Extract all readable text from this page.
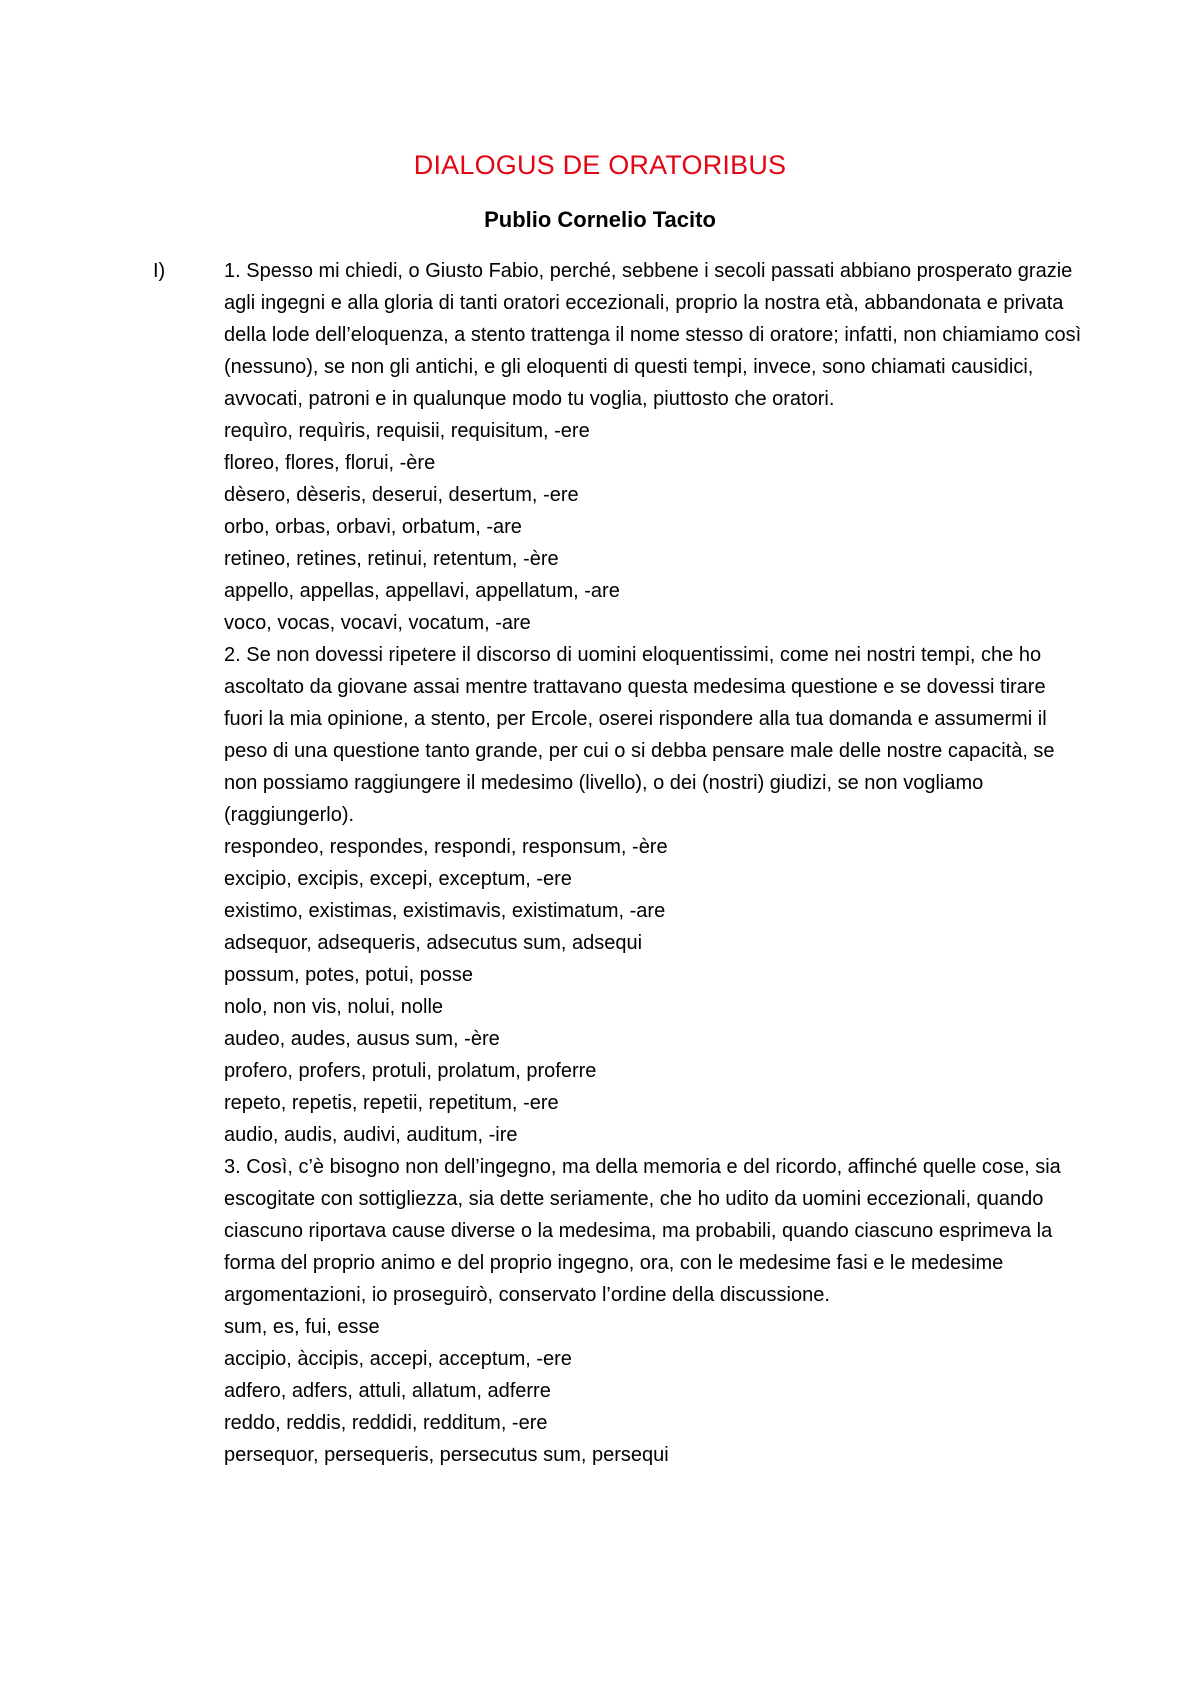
DIALOGUS DE ORATORIBUS
Publio Cornelio Tacito
I)	1. Spesso mi chiedi, o Giusto Fabio, perché, sebbene i secoli passati abbiano prosperato grazie agli ingegni e alla gloria di tanti oratori eccezionali, proprio la nostra età, abbandonata e privata della lode dell’eloquenza, a stento trattenga il nome stesso di oratore; infatti, non chiamiamo così (nessuno), se non gli antichi, e gli eloquenti di questi tempi, invece, sono chiamati causidici, avvocati, patroni e in qualunque modo tu voglia, piuttosto che oratori.

requìro, requìris, requisii, requisitum, -ere
floreo, flores, florui, -ère
dèsero, dèseris, deserui, desertum, -ere
orbo, orbas, orbavi, orbatum, -are
retineo, retines, retinui, retentum, -ère
appello, appellas, appellavi, appellatum, -are
voco, vocas, vocavi, vocatum, -are

2. Se non dovessi ripetere il discorso di uomini eloquentissimi, come nei nostri tempi, che ho ascoltato da giovane assai mentre trattavano questa medesima questione e se dovessi tirare fuori la mia opinione, a stento, per Ercole, oserei rispondere alla tua domanda e assumermi il peso di una questione tanto grande, per cui o si debba pensare male delle nostre capacità, se non possiamo raggiungere il medesimo (livello), o dei (nostri) giudizi, se non vogliamo (raggiungerlo).

respondeo, respondes, respondi, responsum, -ère
excipio, excipis, excepi, exceptum, -ere
existimo, existimas, existimavis, existimatum, -are
adsequor, adsequeris, adsecutus sum, adsequi
possum, potes, potui, posse
nolo, non vis, nolui, nolle
audeo, audes, ausus sum, -ère
profero, profers, protuli, prolatum, proferre
repeto, repetis, repetii, repetitum, -ere
audio, audis, audivi, auditum, -ire

3. Così, c’è bisogno non dell’ingegno, ma della memoria e del ricordo, affinché quelle cose, sia escogitate con sottigliezza, sia dette seriamente, che ho udito da uomini eccezionali, quando ciascuno riportava cause diverse o la medesima, ma probabili, quando ciascuno esprimeva la forma del proprio animo e del proprio ingegno, ora, con le medesime fasi e le medesime argomentazioni, io proseguirò, conservato l’ordine della discussione.

sum, es, fui, esse
accipio, àccipis, accepi, acceptum, -ere
adfero, adfers, attuli, allatum, adferre
reddo, reddis, reddidi, redditum, -ere
persequor, persequeris, persecutus sum, persequi
